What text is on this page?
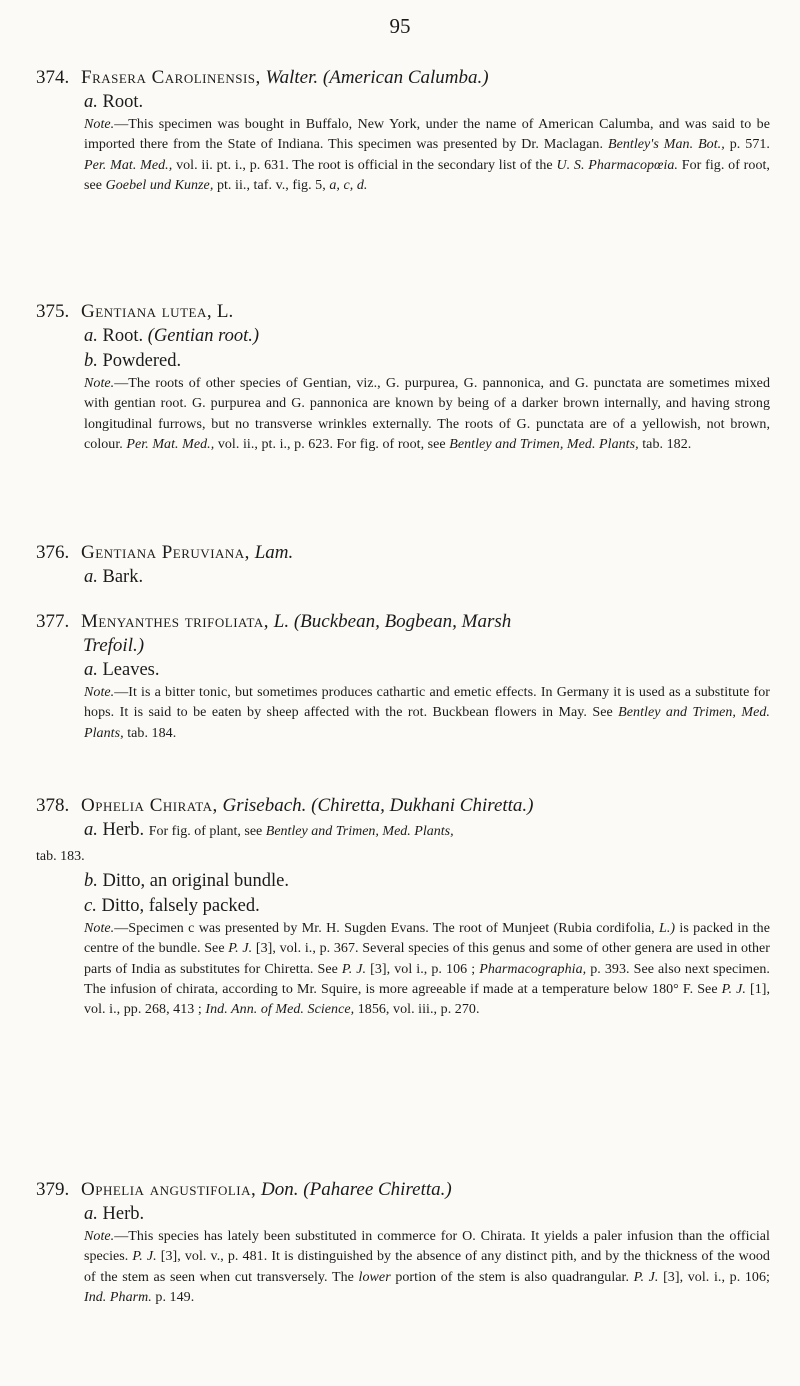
95
374. Frasera Carolinensis, Walter. (American Calumba.)
a. Root.
Note.—This specimen was bought in Buffalo, New York, under the name of American Calumba, and was said to be imported there from the State of Indiana. This specimen was presented by Dr. Maclagan. Bentley's Man. Bot., p. 571. Per. Mat. Med., vol. ii. pt. i., p. 631. The root is official in the secondary list of the U. S. Pharmacopœia. For fig. of root, see Goebel und Kunze, pt. ii., taf. v., fig. 5, a, c, d.
375. Gentiana lutea, L.
a. Root. (Gentian root.)
b. Powdered.
Note.—The roots of other species of Gentian, viz., G. purpurea, G. pannonica, and G. punctata are sometimes mixed with gentian root. G. purpurea and G. pannonica are known by being of a darker brown internally, and having strong longitudinal furrows, but no transverse wrinkles externally. The roots of G. punctata are of a yellowish, not brown, colour. Per. Mat. Med., vol. ii., pt. i., p. 623. For fig. of root, see Bentley and Trimen, Med. Plants, tab. 182.
376. Gentiana Peruviana, Lam.
a. Bark.
377. Menyanthes trifoliata, L. (Buckbean, Bogbean, Marsh
Trefoil.)
a. Leaves.
Note.—It is a bitter tonic, but sometimes produces cathartic and emetic effects. In Germany it is used as a substitute for hops. It is said to be eaten by sheep affected with the rot. Buckbean flowers in May. See Bentley and Trimen, Med. Plants, tab. 184.
378. Ophelia Chirata, Grisebach. (Chiretta, Dukhani Chiretta.)
a. Herb. For fig. of plant, see Bentley and Trimen, Med. Plants,
tab. 183.
b. Ditto, an original bundle.
c. Ditto, falsely packed.
Note.—Specimen c was presented by Mr. H. Sugden Evans. The root of Munjeet (Rubia cordifolia, L.) is packed in the centre of the bundle. See P. J. [3], vol. i., p. 367. Several species of this genus and some of other genera are used in other parts of India as substitutes for Chiretta. See P. J. [3], vol i., p. 106 ; Pharmacographia, p. 393. See also next specimen. The infusion of chirata, according to Mr. Squire, is more agreeable if made at a temperature below 180° F. See P. J. [1], vol. i., pp. 268, 413 ; Ind. Ann. of Med. Science, 1856, vol. iii., p. 270.
379. Ophelia angustifolia, Don. (Paharee Chiretta.)
a. Herb.
Note.—This species has lately been substituted in commerce for O. Chirata. It yields a paler infusion than the official species. P. J. [3], vol. v., p. 481. It is distinguished by the absence of any distinct pith, and by the thickness of the wood of the stem as seen when cut transversely. The lower portion of the stem is also quadrangular. P. J. [3], vol. i., p. 106; Ind. Pharm. p. 149.
